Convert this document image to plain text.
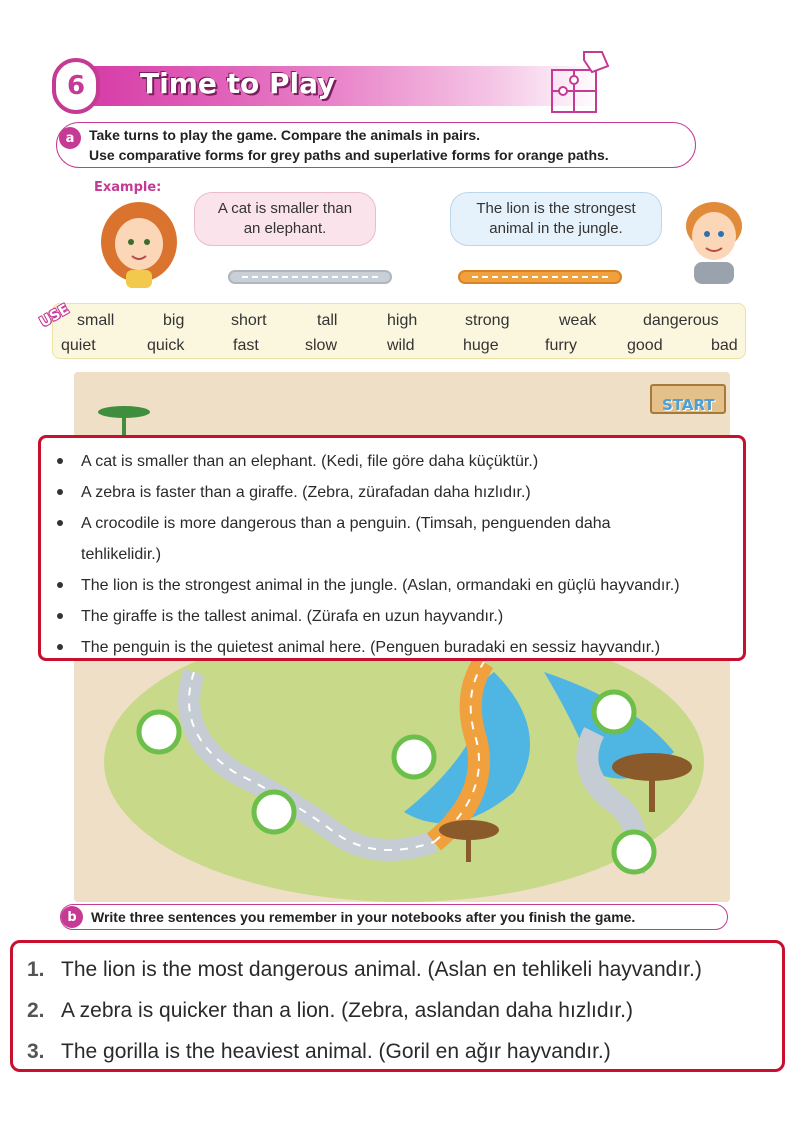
6	Time to Play
a	Take turns to play the game. Compare the animals in pairs.

Use comparative forms for grey paths and superlative forms for orange paths.

Example:
A cat is smaller than
an elephant.
The lion is the strongest
animal in the jungle.
USE small	big	short	tall	high	strong	weak	dangerous
quiet	quick	fast	slow	wild	huge	furry	good	bad
START
A cat is smaller than an elephant. (Kedi, file göre daha küçüktür.)
A zebra is faster than a giraffe. (Zebra, zürafadan daha hızlıdır.)
A crocodile is more dangerous than a penguin. (Timsah, penguenden daha
tehlikelidir.)
The lion is the strongest animal in the jungle. (Aslan, ormandaki en güçlü hayvandır.)
The giraffe is the tallest animal. (Zürafa en uzun hayvandır.)
The penguin is the quietest animal here. (Penguen buradaki en sessiz hayvandır.)
b	Write three sentences you remember in your notebooks after you finish the game.

1. The lion is the most dangerous animal. (Aslan en tehlikeli hayvandır.)
2. A zebra is quicker than a lion. (Zebra, aslandan daha hızlıdır.)
3. The gorilla is the heaviest animal. (Goril en ağır hayvandır.)
